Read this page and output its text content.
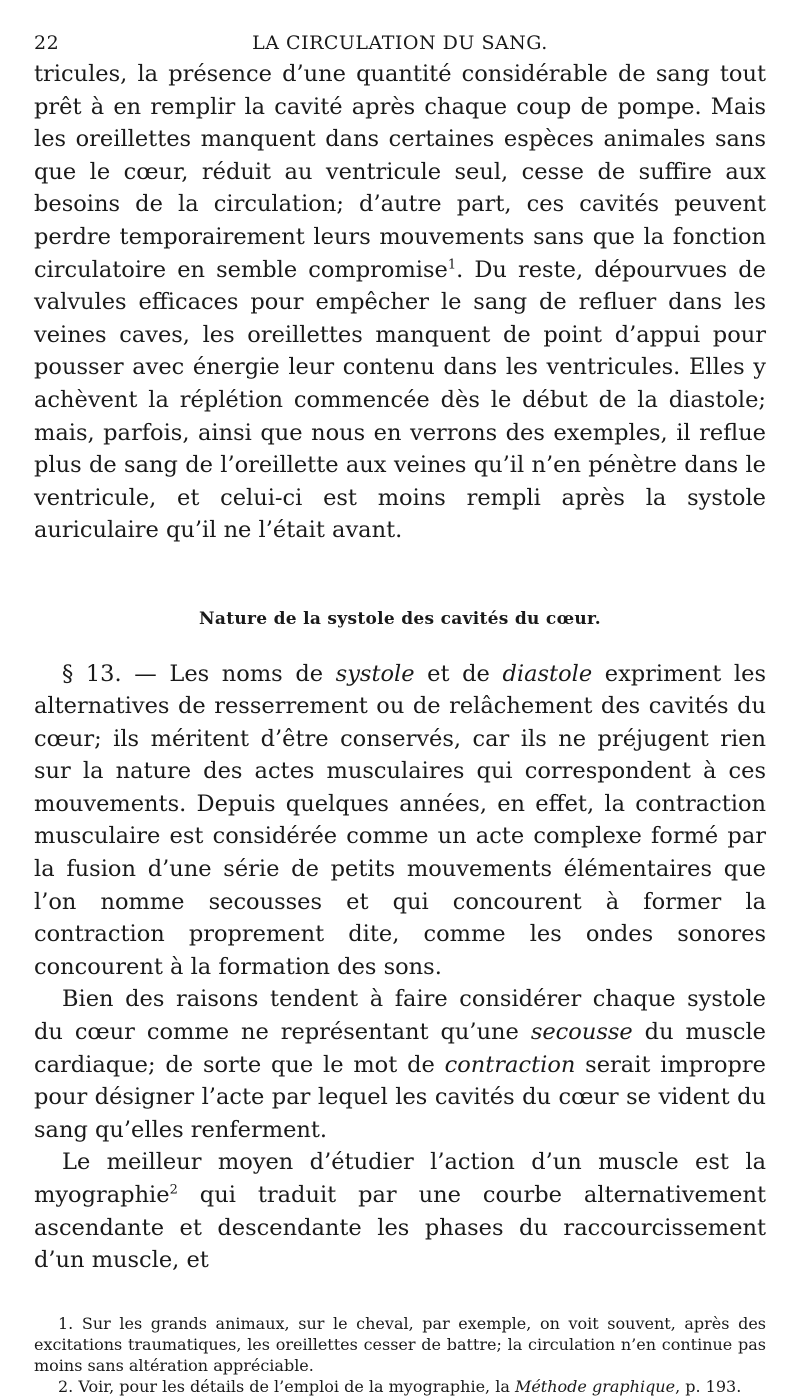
22	LA CIRCULATION DU SANG.

tricules, la présence d’une quantité considérable de sang tout prêt à en remplir la cavité après chaque coup de pompe. Mais les oreillettes manquent dans certaines espèces animales sans que le cœur, réduit au ventricule seul, cesse de suffire aux besoins de la circulation; d’autre part, ces cavités peuvent perdre temporairement leurs mouvements sans que la fonction circulatoire en semble compromise$^1$. Du reste, dépourvues de valvules efficaces pour empêcher le sang de refluer dans les veines caves, les oreillettes manquent de point d’appui pour pousser avec énergie leur contenu dans les ventricules. Elles y achèvent la réplétion commencée dès le début de la diastole; mais, parfois, ainsi que nous en verrons des exemples, il reflue plus de sang de l’oreillette aux veines qu’il n’en pénètre dans le ventricule, et celui-ci est moins rempli après la systole auriculaire qu’il ne l’était avant.

Nature de la systole des cavités du cœur.

§ 13. — Les noms de systole et de diastole expriment les alternatives de resserrement ou de relâchement des cavités du cœur; ils méritent d’être conservés, car ils ne préjugent rien sur la nature des actes musculaires qui correspondent à ces mouvements. Depuis quelques années, en effet, la contraction musculaire est considérée comme un acte complexe formé par la fusion d’une série de petits mouvements élémentaires que l’on nomme secousses et qui concourent à former la contraction proprement dite, comme les ondes sonores concourent à la formation des sons.

Bien des raisons tendent à faire considérer chaque systole du cœur comme ne représentant qu’une secousse du muscle cardiaque; de sorte que le mot de contraction serait impropre pour désigner l’acte par lequel les cavités du cœur se vident du sang qu’elles renferment.

Le meilleur moyen d’étudier l’action d’un muscle est la myographie$^2$ qui traduit par une courbe alternativement ascendante et descendante les phases du raccourcissement d’un muscle, et

1. Sur les grands animaux, sur le cheval, par exemple, on voit souvent, après des excitations traumatiques, les oreillettes cesser de battre; la circulation n’en continue pas moins sans altération appréciable.

2. Voir, pour les détails de l’emploi de la myographie, la Méthode graphique, p. 193.
